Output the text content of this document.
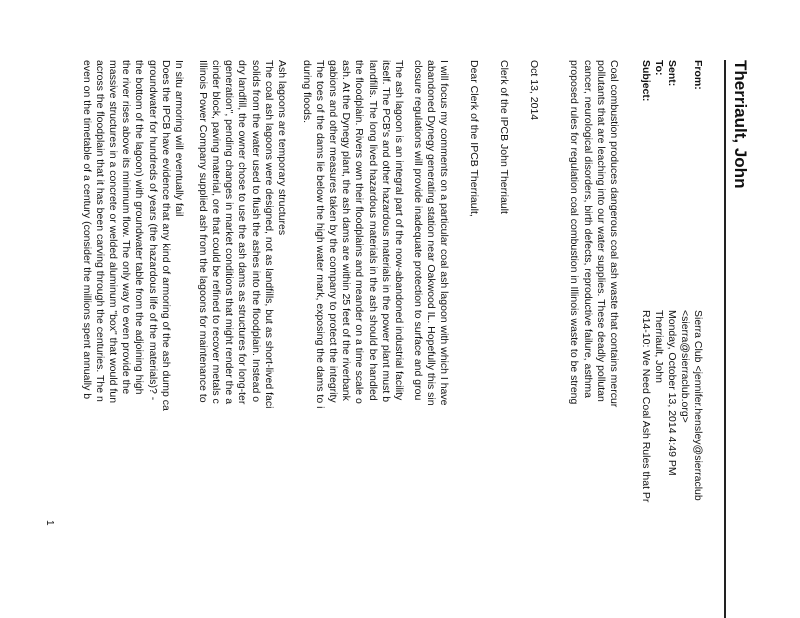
Therriault, John
From:
Sierra Club <jennifer.hensley@sierraclub
<sierra@sierraclub.org>
Sent:
Monday, October 13, 2014 4:49 PM
To:
Therriault, John
Subject:
R14-10: We Need Coal Ash Rules that Pr
Coal combustion produces dangerous coal ash waste that contains mercur
pollutants that are leaching into our water supplies. These deadly pollutan
cancer, neurological disorders, birth defects, reproductive failure, asthma
proposed rules for regulation coal combustion in Illinois waste to be streng
Oct 13, 2014
Clerk of the IPCB John Therriault
Dear Clerk of the IPCB Therriault,
I will focus my comments on a particular coal ash lagoon with which I have
abandoned Dynegy generating station near Oakwood IL. Hopefully this sin
closure regulations will provide inadequate protection to surface and grou
The ash lagoon is an integral part of the now-abandoned industrial facility
itself. The PCB's and other hazardous materials in the power plant must b
landfills. The long lived hazardous materials in the ash should be handled
the floodplain. Rivers own their floodplains and meander on a time scale o
ash. At the Dynegy plant, the ash dams are within 25 feet of the riverbank
gabions and other measures taken by the company to protect the integrity
The toes of the dams lie below the high water mark, exposing the dams to i
during floods.
Ash lagoons are temporary structures
The coal ash lagoons were designed, not as landfills, but as short-lived faci
solids from the water used to flush the ashes into the floodplain. Instead o
dry landfill, the owner chose to use the ash dams as structures for long-ter
generation", pending changes in market conditions that might render the a
cinder block, paving material, ore that could be refined to recover metals c
Illinois Power Company supplied ash from the lagoons for maintenance to
In situ armoring will eventually fail
Does the IPCB have evidence that any kind of armoring of the ash dump ca
groundwater for hundreds of years (the hazardous life of the materials)? -
the bottom of the lagoon) with groundwater table from the adjoining high
the river rises above its minimum flow. The only way to even provide the
massive structures in a concrete or welded aluminum "box" that would fun
across the floodplain that it has been carving through the centuries. The n
even on the timetable of a century (consider the millions spent annually b
1
